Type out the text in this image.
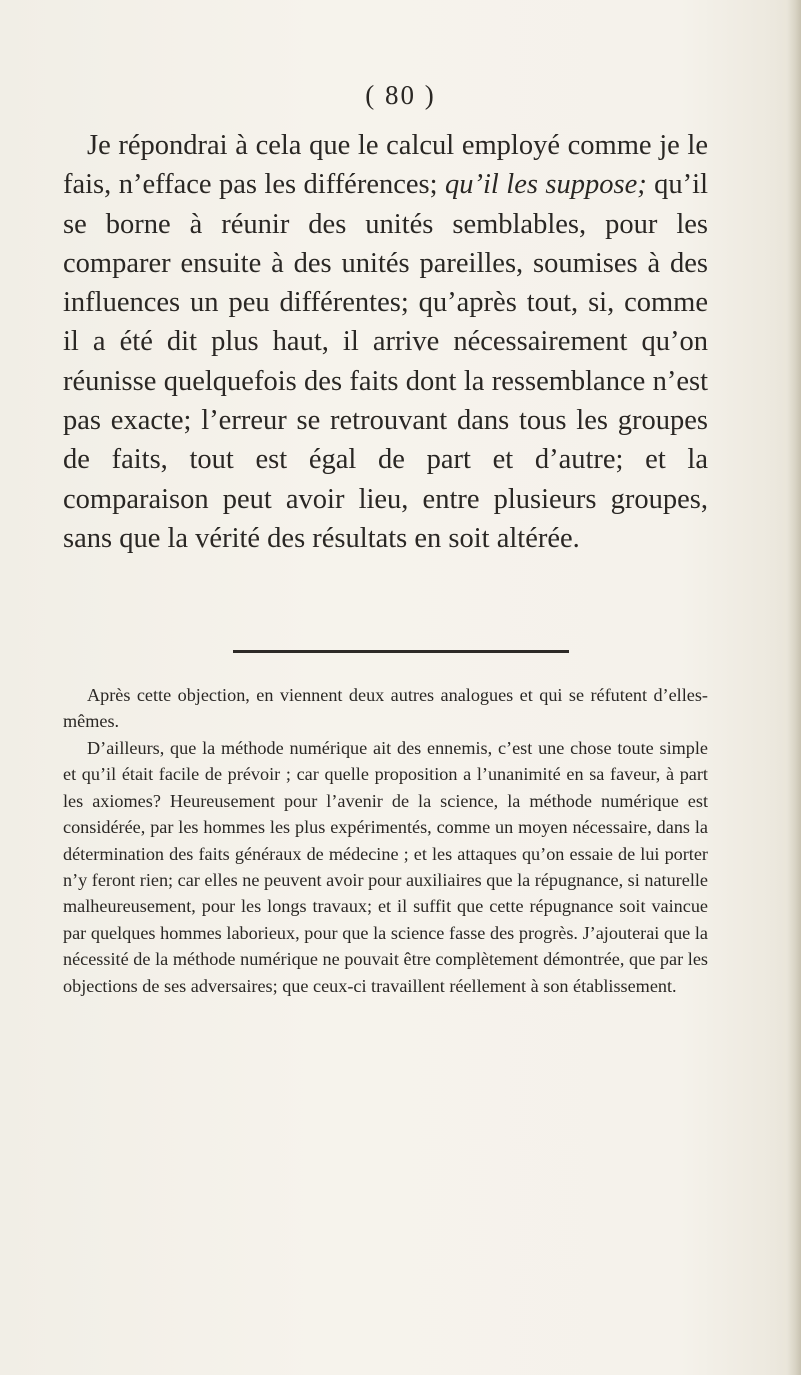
( 80 )

Je répondrai à cela que le calcul employé comme je le fais, n’efface pas les différences; qu’il les suppose; qu’il se borne à réunir des unités semblables, pour les comparer ensuite à des unités pareilles, soumises à des influences un peu différentes; qu’après tout, si, comme il a été dit plus haut, il arrive nécessairement qu’on réunisse quelquefois des faits dont la ressemblance n’est pas exacte; l’erreur se retrouvant dans tous les groupes de faits, tout est égal de part et d’autre; et la comparaison peut avoir lieu, entre plusieurs groupes, sans que la vérité des résultats en soit altérée.

Après cette objection, en viennent deux autres analogues et qui se réfutent d’elles-mêmes.

D’ailleurs, que la méthode numérique ait des ennemis, c’est une chose toute simple et qu’il était facile de prévoir ; car quelle proposition a l’unanimité en sa faveur, à part les axiomes? Heureusement pour l’avenir de la science, la méthode numérique est considérée, par les hommes les plus expérimentés, comme un moyen nécessaire, dans la détermination des faits généraux de médecine ; et les attaques qu’on essaie de lui porter n’y feront rien; car elles ne peuvent avoir pour auxiliaires que la répugnance, si naturelle malheureusement, pour les longs travaux; et il suffit que cette répugnance soit vaincue par quelques hommes laborieux, pour que la science fasse des progrès. J’ajouterai que la nécessité de la méthode numérique ne pouvait être complètement démontrée, que par les objections de ses adversaires; que ceux-ci travaillent réellement à son établissement.
